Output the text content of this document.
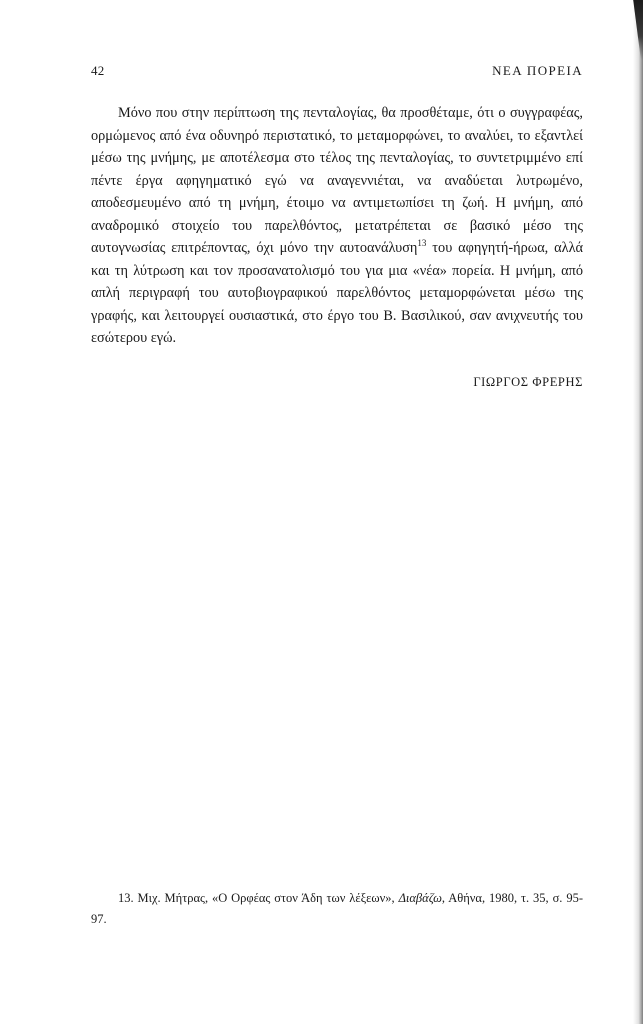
42	ΝΕΑ ΠΟΡΕΙΑ

Μόνο που στην περίπτωση της πενταλογίας, θα προσθέταμε, ότι ο συγγραφέας, ορμώμενος από ένα οδυνηρό περιστατικό, το μεταμορφώνει, το αναλύει, το εξαντλεί μέσω της μνήμης, με αποτέλεσμα στο τέλος της πενταλογίας, το συντετριμμένο επί πέντε έργα αφηγηματικό εγώ να αναγεννιέται, να αναδύεται λυτρωμένο, αποδεσμευμένο από τη μνήμη, έτοιμο να αντιμετωπίσει τη ζωή. Η μνήμη, από αναδρομικό στοιχείο του παρελθόντος, μετατρέπεται σε βασικό μέσο της αυτογνωσίας επιτρέποντας, όχι μόνο την αυτοανάλυση$^{13}$ του αφηγητή-ήρωα, αλλά και τη λύτρωση και τον προσανατολισμό του για μια «νέα» πορεία. Η μνήμη, από απλή περιγραφή του αυτοβιογραφικού παρελθόντος μεταμορφώνεται μέσω της γραφής, και λειτουργεί ουσιαστικά, στο έργο του Β. Βασιλικού, σαν ανιχνευτής του εσώτερου εγώ.

ΓΙΩΡΓΟΣ ΦΡΕΡΗΣ

13. Μιχ. Μήτρας, «Ο Ορφέας στον Άδη των λέξεων», Διαβάζω, Αθήνα, 1980, τ. 35, σ. 95-97.
